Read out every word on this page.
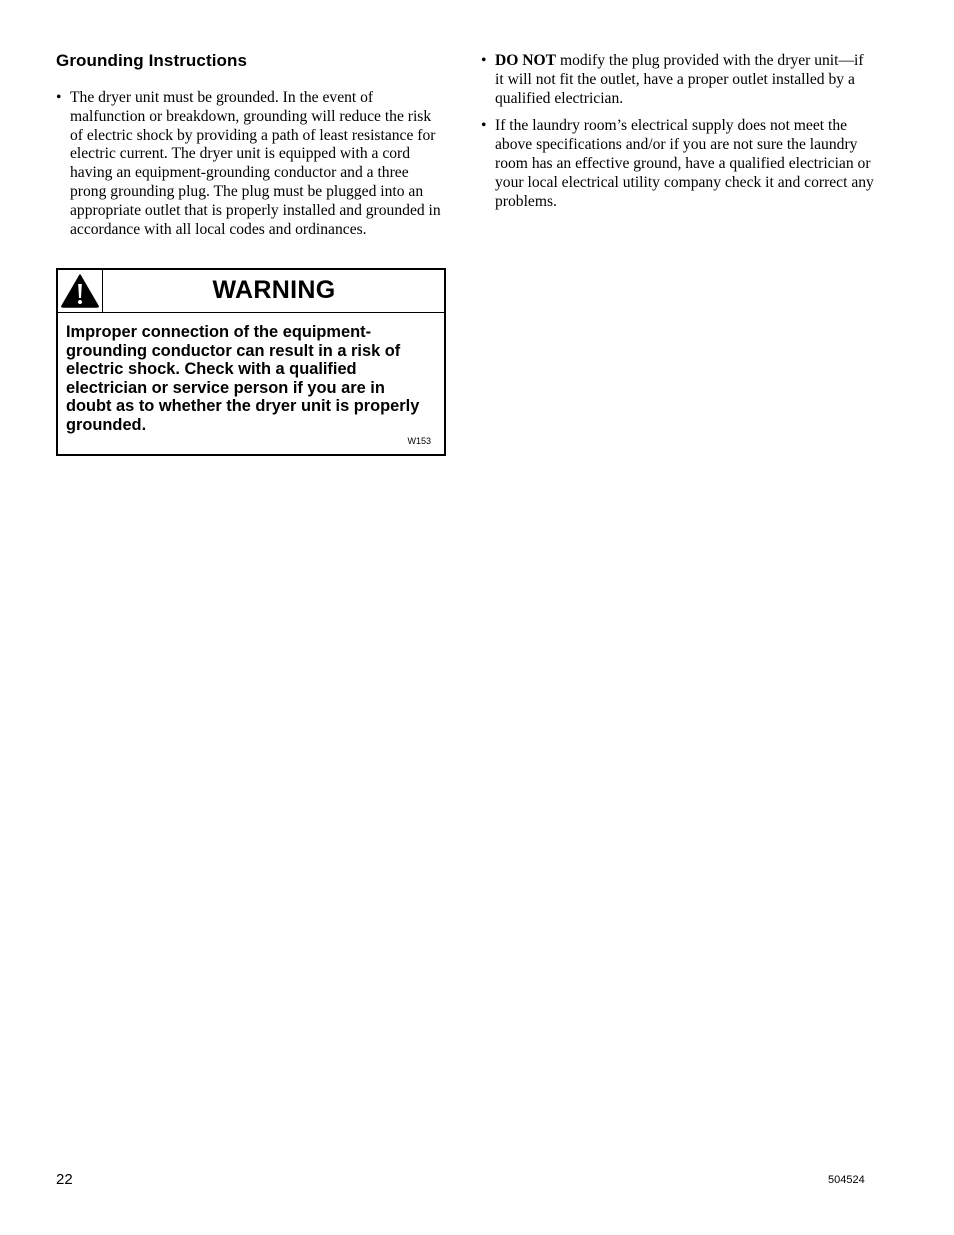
Grounding Instructions
• The dryer unit must be grounded. In the event of malfunction or breakdown, grounding will reduce the risk of electric shock by providing a path of least resistance for electric current. The dryer unit is equipped with a cord having an equipment-grounding conductor and a three prong grounding plug. The plug must be plugged into an appropriate outlet that is properly installed and grounded in accordance with all local codes and ordinances.
WARNING
Improper connection of the equipment-grounding conductor can result in a risk of electric shock. Check with a qualified electrician or service person if you are in doubt as to whether the dryer unit is properly grounded.
W153
• DO NOT modify the plug provided with the dryer unit—if it will not fit the outlet, have a proper outlet installed by a qualified electrician.
• If the laundry room’s electrical supply does not meet the above specifications and/or if you are not sure the laundry room has an effective ground, have a qualified electrician or your local electrical utility company check it and correct any problems.
22	504524
